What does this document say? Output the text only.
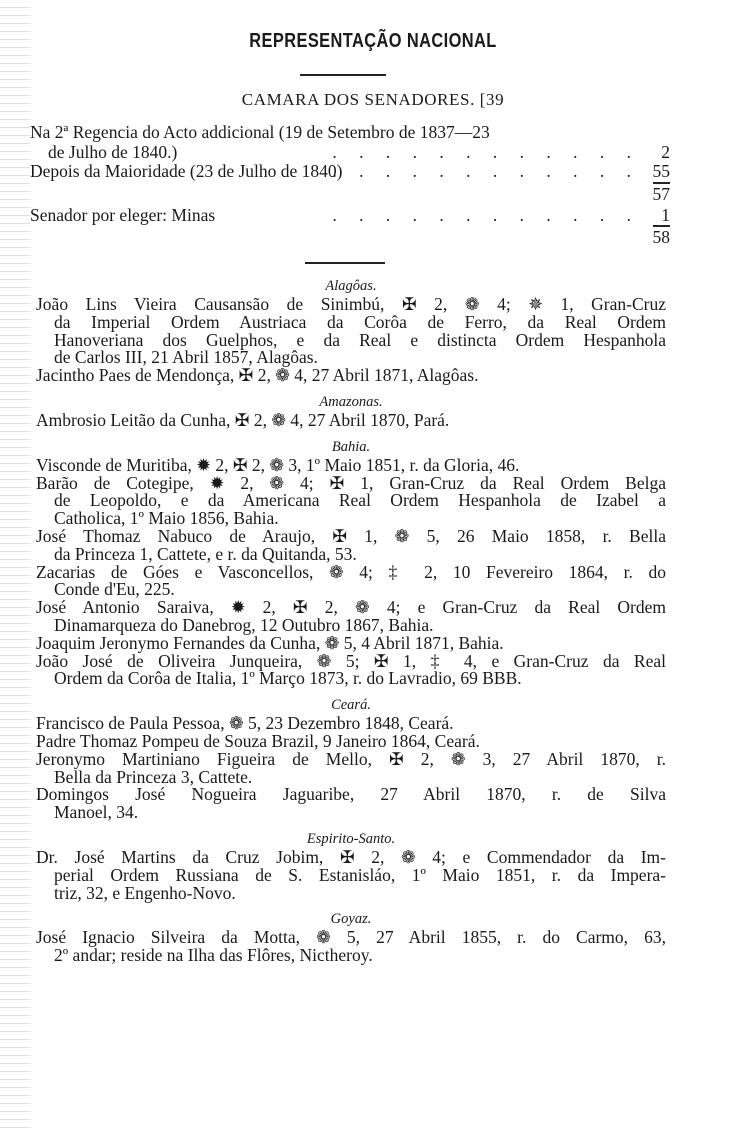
REPRESENTAÇÃO NACIONAL
CAMARA DOS SENADORES. [39
Na 2ª Regencia do Acto addicional (19 de Setembro de 1837—23
de Julho de 1840.)	. . . . . . . . . . . . 2
Depois da Maioridade (23 de Julho de 1840)
. . . . . . . . . . . . 55
57
Senador por eleger: Minas	. . . . . . . . . . . . 1
58
Alagôas.
João Lins Vieira Causansão de Sinimbú, ✠ 2, ❁ 4; ✵ 1, Gran-Cruz
da Imperial Ordem Austriaca da Corôa de Ferro, da Real Ordem
Hanoveriana dos Guelphos, e da Real e distincta Ordem Hespanhola
de Carlos III, 21 Abril 1857, Alagôas.
Jacintho Paes de Mendonça, ✠ 2, ❁ 4, 27 Abril 1871, Alagôas.
Amazonas.
Ambrosio Leitão da Cunha, ✠ 2, ❁ 4, 27 Abril 1870, Pará.
Bahia.
Visconde de Muritiba, ✹ 2, ✠ 2, ❁ 3, 1º Maio 1851, r. da Gloria, 46.
Barão de Cotegipe, ✹ 2, ❁ 4; ✠ 1, Gran-Cruz da Real Ordem Belga
de Leopoldo, e da Americana Real Ordem Hespanhola de Izabel a
Catholica, 1º Maio 1856, Bahia.
José Thomaz Nabuco de Araujo, ✠ 1, ❁ 5, 26 Maio 1858, r. Bella
da Princeza 1, Cattete, e r. da Quitanda, 53.
Zacarias de Góes e Vasconcellos, ❁ 4; ‡ 2, 10 Fevereiro 1864, r. do
Conde d'Eu, 225.
José Antonio Saraiva, ✹ 2, ✠ 2, ❁ 4; e Gran-Cruz da Real Ordem
Dinamarqueza do Danebrog, 12 Outubro 1867, Bahia.
Joaquim Jeronymo Fernandes da Cunha, ❁ 5, 4 Abril 1871, Bahia.
João José de Oliveira Junqueira, ❁ 5; ✠ 1, ‡ 4, e Gran-Cruz da Real
Ordem da Corôa de Italia, 1º Março 1873, r. do Lavradio, 69 BBB.
Ceará.
Francisco de Paula Pessoa, ❁ 5, 23 Dezembro 1848, Ceará.
Padre Thomaz Pompeu de Souza Brazil, 9 Janeiro 1864, Ceará.
Jeronymo Martiniano Figueira de Mello, ✠ 2, ❁ 3, 27 Abril 1870, r.
Bella da Princeza 3, Cattete.
Domingos José Nogueira Jaguaribe, 27 Abril 1870, r. de Silva
Manoel, 34.
Espirito-Santo.
Dr. José Martins da Cruz Jobim, ✠ 2, ❁ 4; e Commendador da Im-
perial Ordem Russiana de S. Estanisláo, 1º Maio 1851, r. da Impera-
triz, 32, e Engenho-Novo.
Goyaz.
José Ignacio Silveira da Motta, ❁ 5, 27 Abril 1855, r. do Carmo, 63,
2º andar; reside na Ilha das Flôres, Nictheroy.
